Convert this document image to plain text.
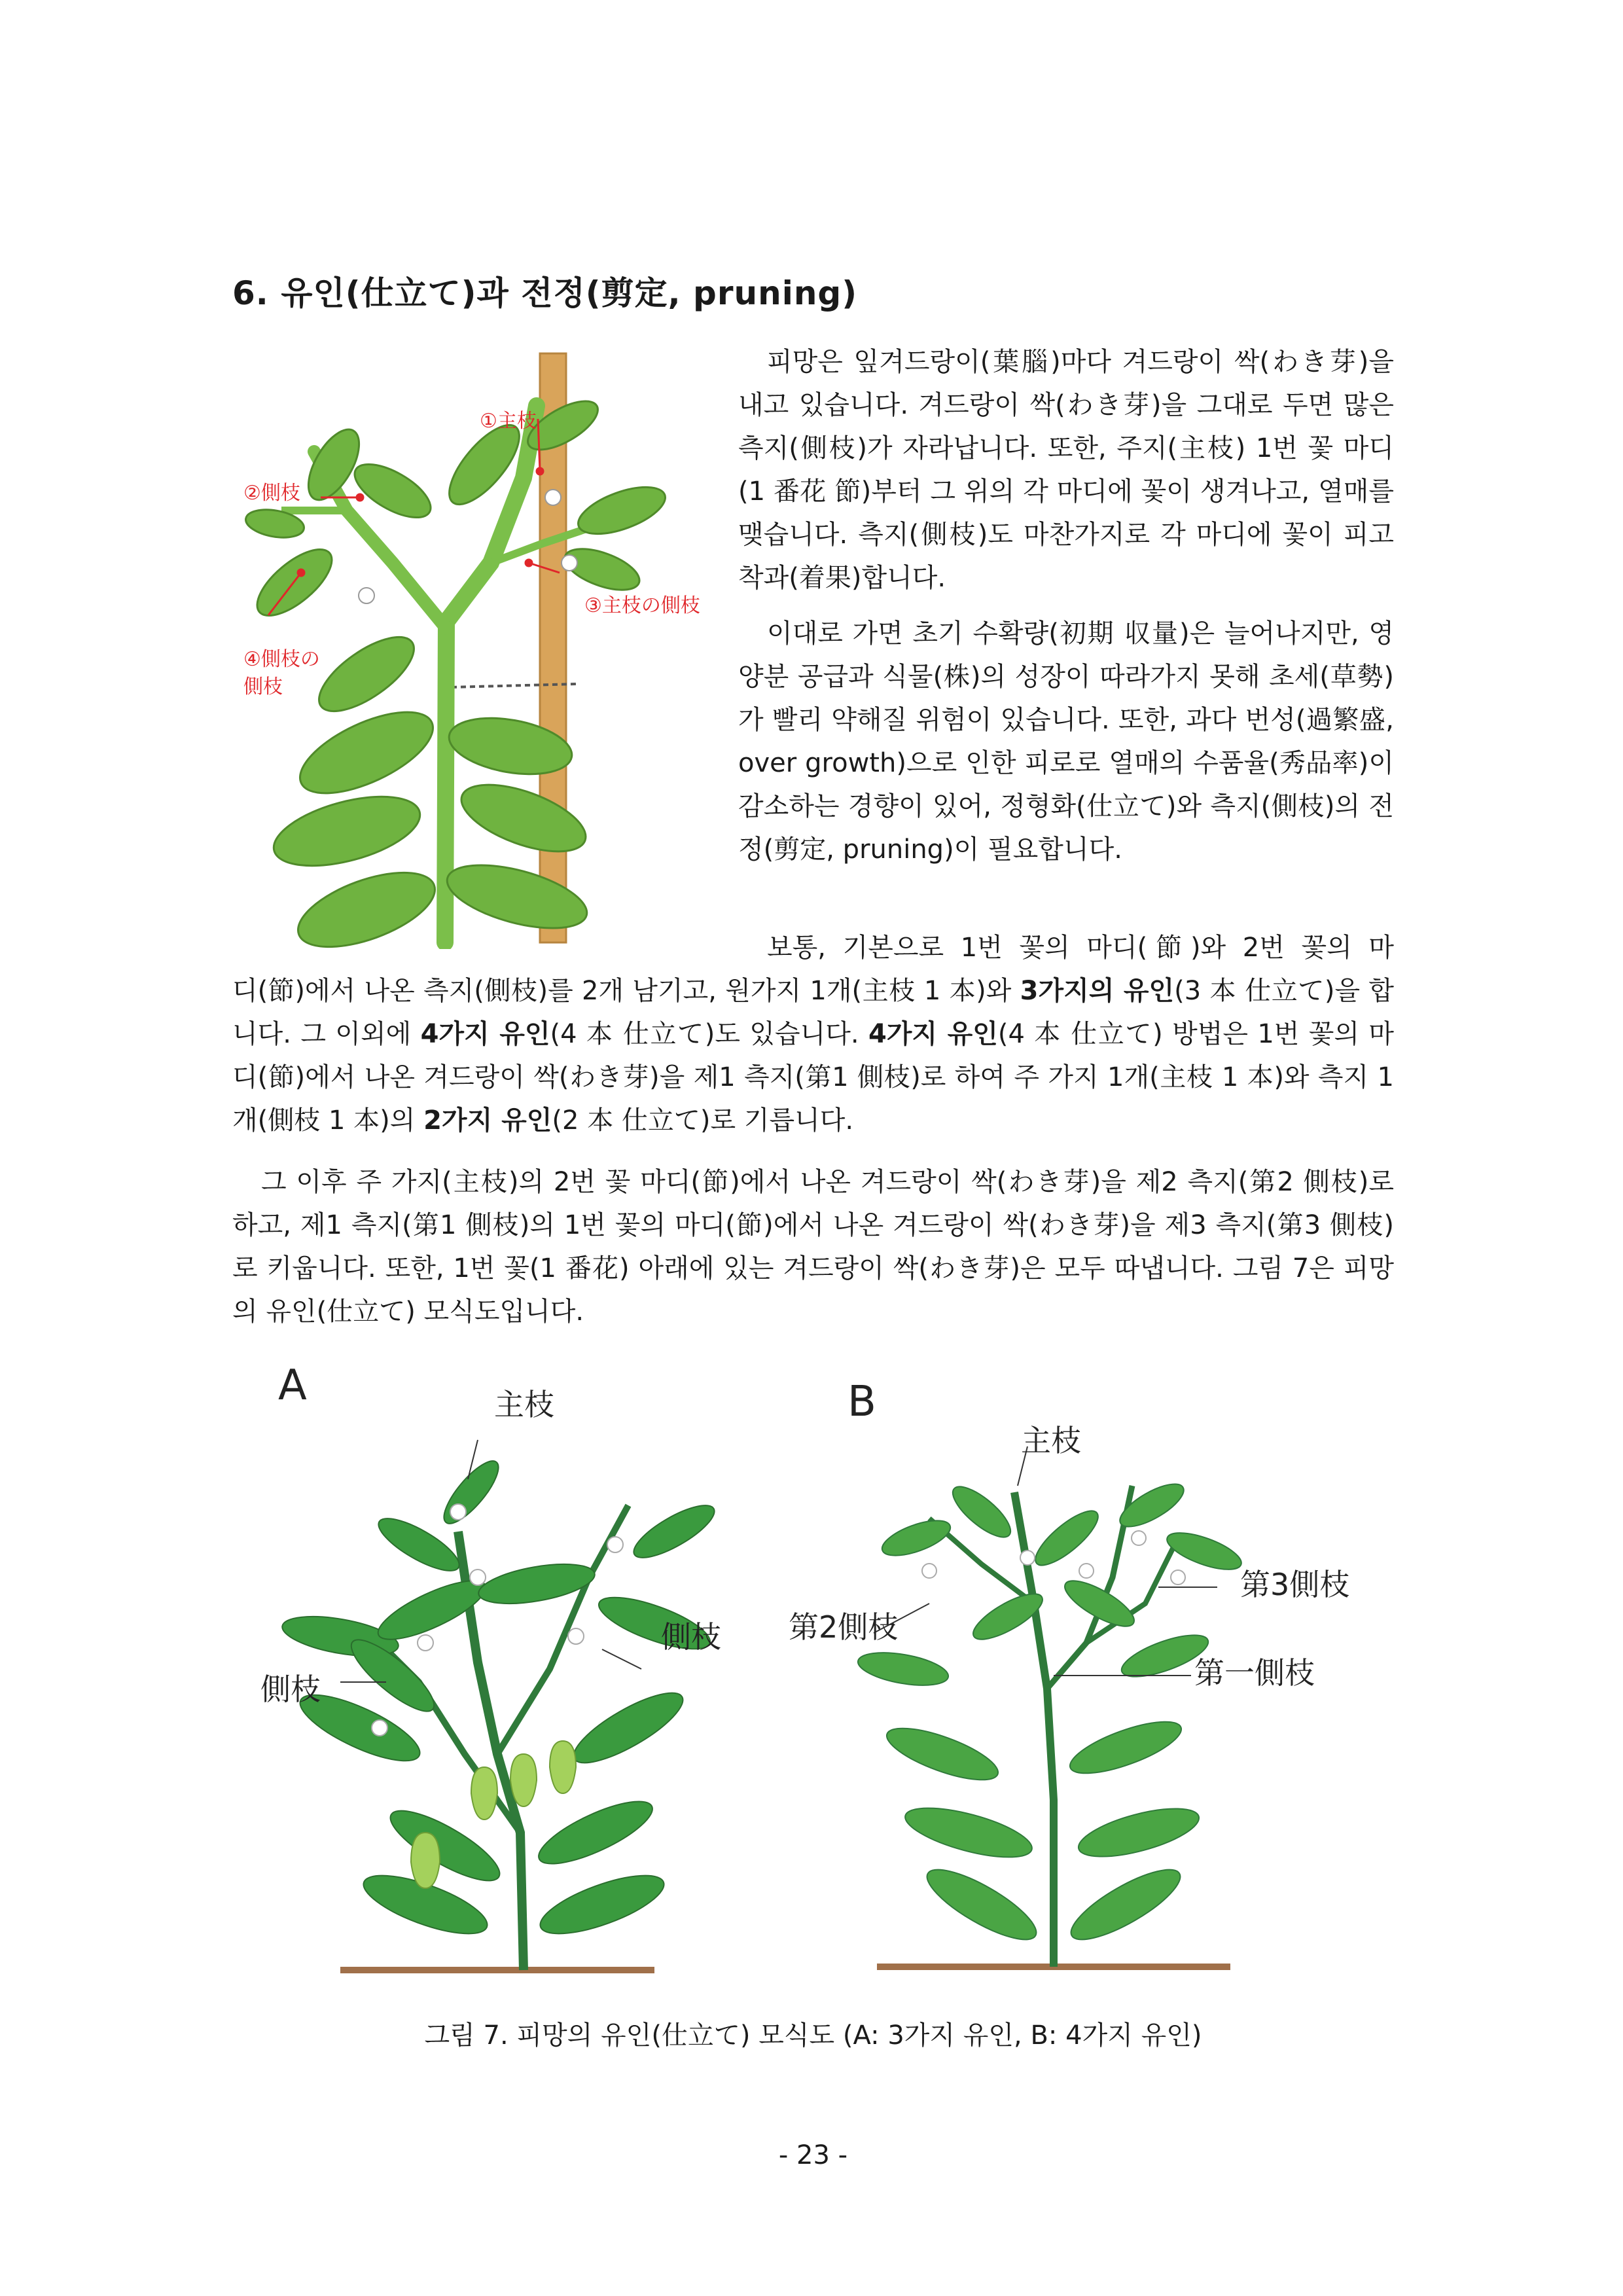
6. 유인(仕立て)과 전정(剪定, pruning)
①主枝
②側枝
③主枝の側枝
④側枝の
側枝

피망은 잎겨드랑이(葉腦)마다 겨드랑이 싹(わき芽)을 내고 있습니다. 겨드랑이 싹(わき芽)을 그대로 두면 많은 측지(側枝)가 자라납니다. 또한, 주지(主枝) 1번 꽃 마디(1 番花 節)부터 그 위의 각 마디에 꽃이 생겨나고, 열매를 맺습니다. 측지(側枝)도 마찬가지로 각 마디에 꽃이 피고 착과(着果)합니다.

이대로 가면 초기 수확량(初期 収量)은 늘어나지만, 영양분 공급과 식물(株)의 성장이 따라가지 못해 초세(草勢)가 빨리 약해질 위험이 있습니다. 또한, 과다 번성(過繁盛, over growth)으로 인한 피로로 열매의 수품율(秀品率)이 감소하는 경향이 있어, 정형화(仕立て)와 측지(側枝)의 전정(剪定, pruning)이 필요합니다.

보통, 기본으로 1번 꽃의 마디(節)와 2번 꽃의 마

디(節)에서 나온 측지(側枝)를 2개 남기고, 원가지 1개(主枝 1 本)와 3가지의 유인(3 本 仕立て)을 합니다. 그 이외에 4가지 유인(4 本 仕立て)도 있습니다. 4가지 유인(4 本 仕立て) 방법은 1번 꽃의 마디(節)에서 나온 겨드랑이 싹(わき芽)을 제1 측지(第1 側枝)로 하여 주 가지 1개(主枝 1 本)와 측지 1개(側枝 1 本)의 2가지 유인(2 本 仕立て)로 기릅니다.

그 이후 주 가지(主枝)의 2번 꽃 마디(節)에서 나온 겨드랑이 싹(わき芽)을 제2 측지(第2 側枝)로 하고, 제1 측지(第1 側枝)의 1번 꽃의 마디(節)에서 나온 겨드랑이 싹(わき芽)을 제3 측지(第3 側枝)로 키웁니다. 또한, 1번 꽃(1 番花) 아래에 있는 겨드랑이 싹(わき芽)은 모두 따냅니다. 그림 7은 피망의 유인(仕立て) 모식도입니다.

A	主枝
側枝
側枝
B
主枝
第2側枝
第3側枝
第一側枝
그림 7. 피망의 유인(仕立て) 모식도 (A: 3가지 유인, B: 4가지 유인)
- 23 -
